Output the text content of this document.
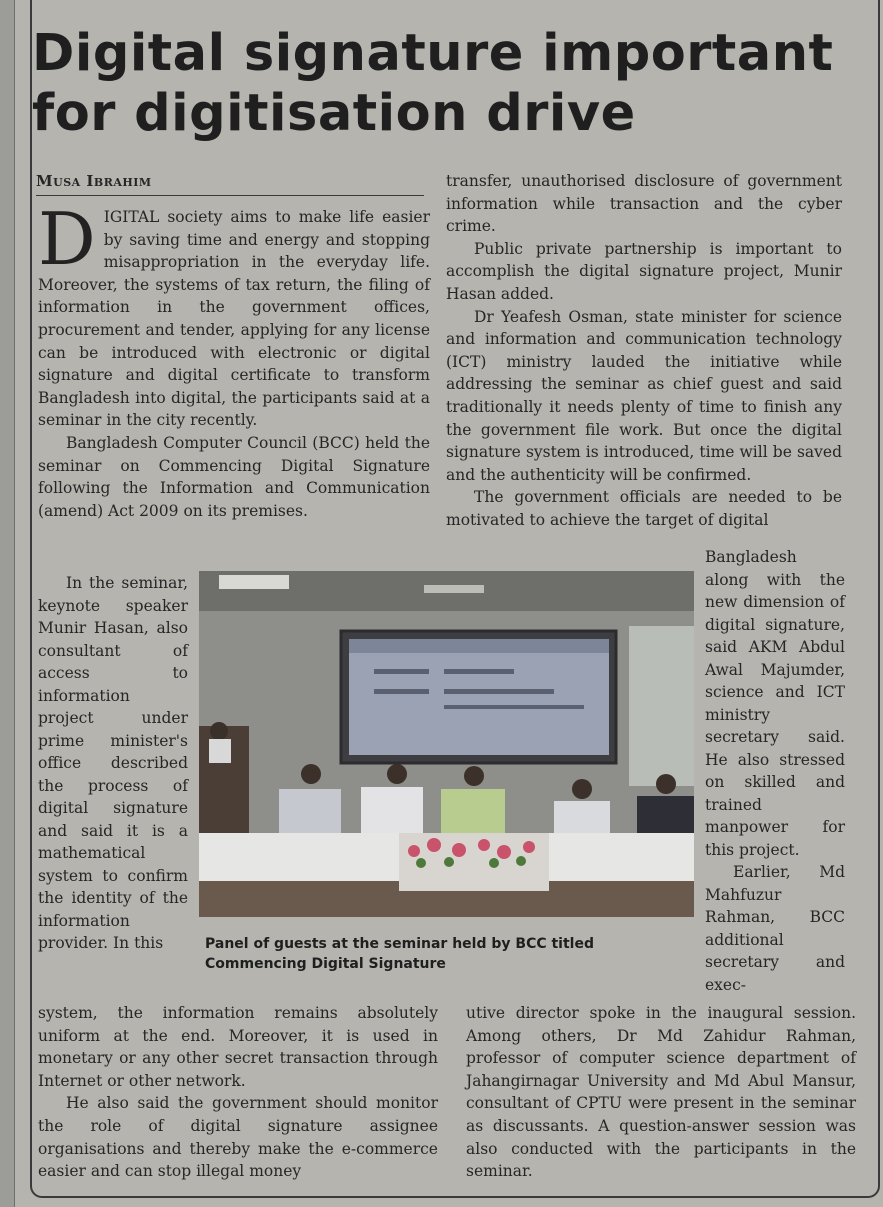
Digital signature important for digitisation drive
Musa Ibrahim

DIGITAL society aims to make life easier by saving time and energy and stopping misappropriation in the everyday life. Moreover, the systems of tax return, the filing of information in the government offices, procurement and tender, applying for any license can be introduced with electronic or digital signature and digital certificate to transform Bangladesh into digital, the participants said at a seminar in the city recently.

Bangladesh Computer Council (BCC) held the seminar on Commencing Digital Signature following the Information and Communication (amend) Act 2009 on its premises.

transfer, unauthorised disclosure of government information while transaction and the cyber crime.

Public private partnership is important to accomplish the digital signature project, Munir Hasan added.

Dr Yeafesh Osman, state minister for science and information and communication technology (ICT) ministry lauded the initiative while addressing the seminar as chief guest and said traditionally it needs plenty of time to finish any the government file work. But once the digital signature system is introduced, time will be saved and the authenticity will be confirmed.

The government officials are needed to be motivated to achieve the target of digital

In the seminar, keynote speaker Munir Hasan, also consultant of access to information project under prime minister's office described the process of digital signature and said it is a mathematical system to confirm the identity of the information provider. In this

Bangladesh along with the new dimension of digital signature, said AKM Abdul Awal Majumder, science and ICT ministry secretary said. He also stressed on skilled and trained manpower for this project.

Earlier, Md Mahfuzur Rahman, BCC additional secretary and exec-

Panel of guests at the seminar held by BCC titled Commencing Digital Signature

system, the information remains absolutely uniform at the end. Moreover, it is used in monetary or any other secret transaction through Internet or other network.

He also said the government should monitor the role of digital signature assignee organisations and thereby make the e-commerce easier and can stop illegal money

utive director spoke in the inaugural session. Among others, Dr Md Zahidur Rahman, professor of computer science department of Jahangirnagar University and Md Abul Mansur, consultant of CPTU were present in the seminar as discussants. A question-answer session was also conducted with the participants in the seminar.
